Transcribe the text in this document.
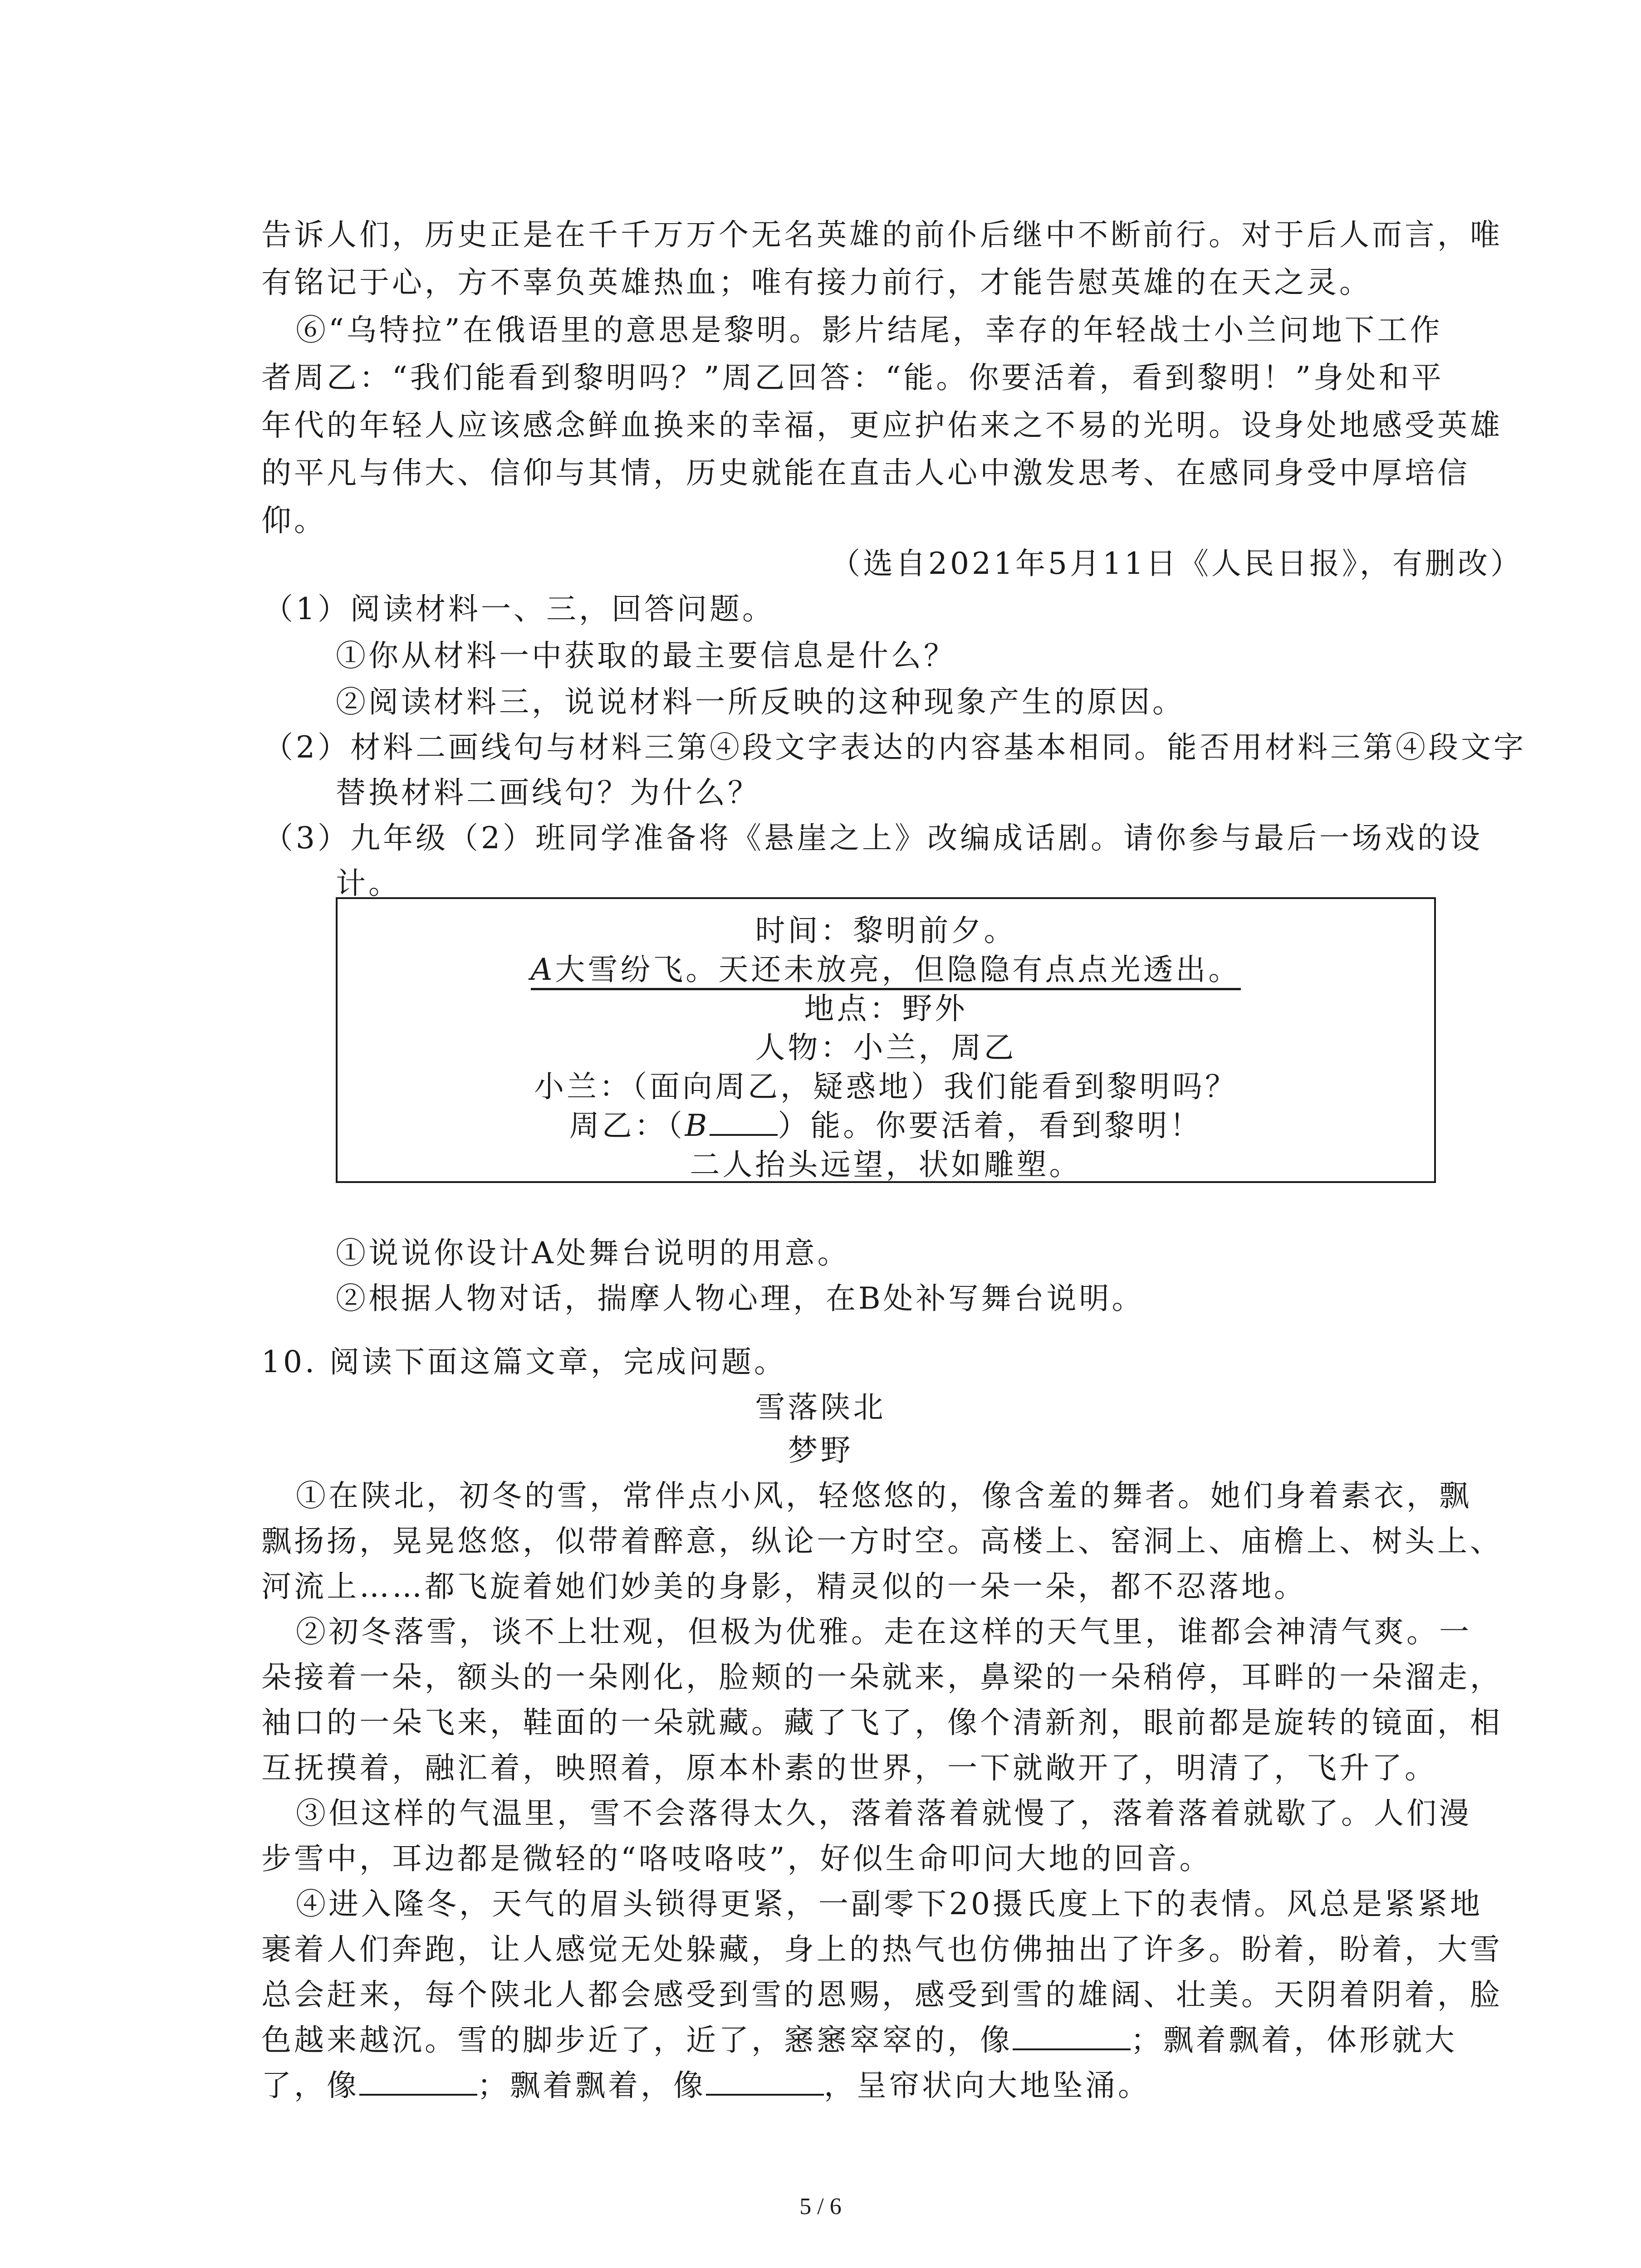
告诉人们，历史正是在千千万万个无名英雄的前仆后继中不断前行。对于后人而言，唯
有铭记于心，方不辜负英雄热血；唯有接力前行，才能告慰英雄的在天之灵。
⑥“乌特拉”在俄语里的意思是黎明。影片结尾，幸存的年轻战士小兰问地下工作
者周乙：“我们能看到黎明吗？”周乙回答：“能。你要活着，看到黎明！”身处和平
年代的年轻人应该感念鲜血换来的幸福，更应护佑来之不易的光明。设身处地感受英雄
的平凡与伟大、信仰与其情，历史就能在直击人心中激发思考、在感同身受中厚培信
仰。
（选自2021年5月11日《人民日报》，有删改）
（1）阅读材料一、三，回答问题。
①你从材料一中获取的最主要信息是什么？
②阅读材料三，说说材料一所反映的这种现象产生的原因。
（2）材料二画线句与材料三第④段文字表达的内容基本相同。能否用材料三第④段文字
替换材料二画线句？为什么？
（3）九年级（2）班同学准备将《悬崖之上》改编成话剧。请你参与最后一场戏的设
计。
时间：黎明前夕。
A大雪纷飞。天还未放亮，但隐隐有点点光透出。
地点：野外
人物：小兰，周乙
小兰：（面向周乙，疑惑地）我们能看到黎明吗？
周乙：（B ）能。你要活着，看到黎明！
二人抬头远望，状如雕塑。
①说说你设计A处舞台说明的用意。
②根据人物对话，揣摩人物心理，在B处补写舞台说明。
10. 阅读下面这篇文章，完成问题。
雪落陕北
梦野
①在陕北，初冬的雪，常伴点小风，轻悠悠的，像含羞的舞者。她们身着素衣，飘
飘扬扬，晃晃悠悠，似带着醉意，纵论一方时空。高楼上、窑洞上、庙檐上、树头上、
河流上……都飞旋着她们妙美的身影，精灵似的一朵一朵，都不忍落地。
②初冬落雪，谈不上壮观，但极为优雅。走在这样的天气里，谁都会神清气爽。一
朵接着一朵，额头的一朵刚化，脸颊的一朵就来，鼻梁的一朵稍停，耳畔的一朵溜走，
袖口的一朵飞来，鞋面的一朵就藏。藏了飞了，像个清新剂，眼前都是旋转的镜面，相
互抚摸着，融汇着，映照着，原本朴素的世界，一下就敞开了，明清了，飞升了。
③但这样的气温里，雪不会落得太久，落着落着就慢了，落着落着就歇了。人们漫
步雪中，耳边都是微轻的“咯吱咯吱”，好似生命叩问大地的回音。
④进入隆冬，天气的眉头锁得更紧，一副零下20摄氏度上下的表情。风总是紧紧地
裹着人们奔跑，让人感觉无处躲藏，身上的热气也仿佛抽出了许多。盼着，盼着，大雪
总会赶来，每个陕北人都会感受到雪的恩赐，感受到雪的雄阔、壮美。天阴着阴着，脸
色越来越沉。雪的脚步近了，近了，窸窸窣窣的，像	；飘着飘着，体形就大
了，像	；飘着飘着，像	，呈帘状向大地坠涌。
5 / 6
